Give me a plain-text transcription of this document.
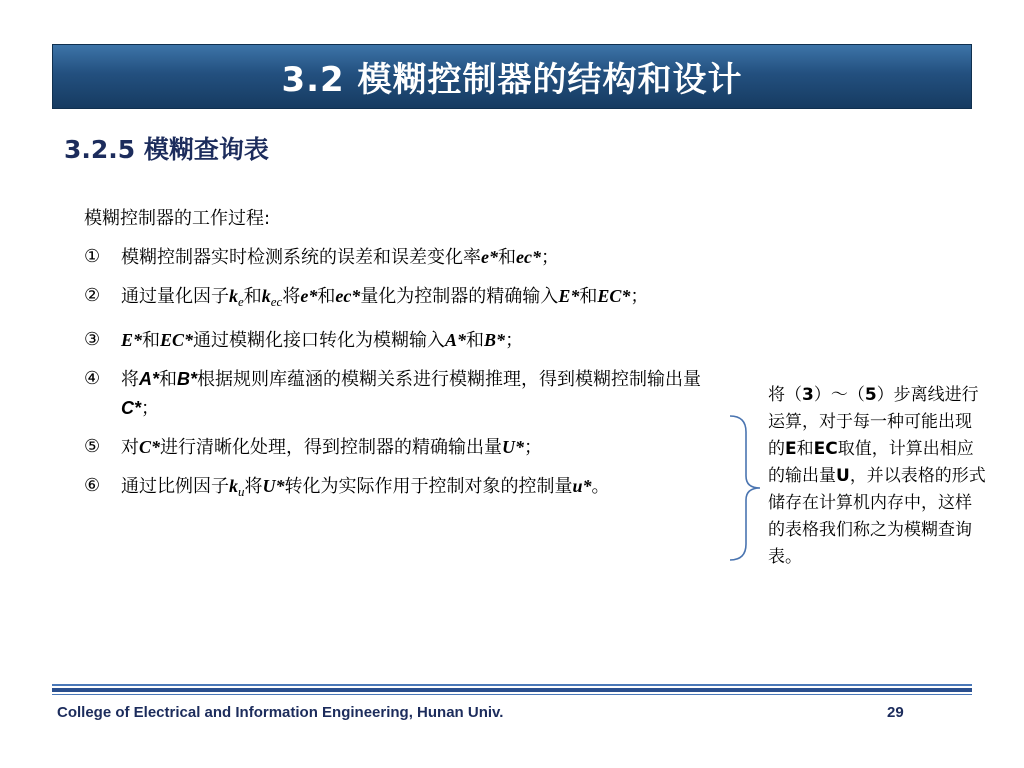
3.2 模糊控制器的结构和设计
3.2.5 模糊查询表
模糊控制器的工作过程:
① 模糊控制器实时检测系统的误差和误差变化率e*和ec*；
② 通过量化因子$k_e$和$k_{ec}$将e*和ec*量化为控制器的精确输入E*和EC*；
③ E*和EC*通过模糊化接口转化为模糊输入A*和B*；
④ 将A*和B*根据规则库蕴涵的模糊关系进行模糊推理，得到模糊控制输出量C*；
⑤ 对C*进行清晰化处理，得到控制器的精确输出量U*；
⑥ 通过比例因子$k_u$将U*转化为实际作用于控制对象的控制量u*。
将（3）～（5）步离线进行运算，对于每一种可能出现的E和EC取值，计算出相应的输出量U，并以表格的形式储存在计算机内存中，这样的表格我们称之为模糊查询表。
College of Electrical and Information Engineering, Hunan Univ.	29
